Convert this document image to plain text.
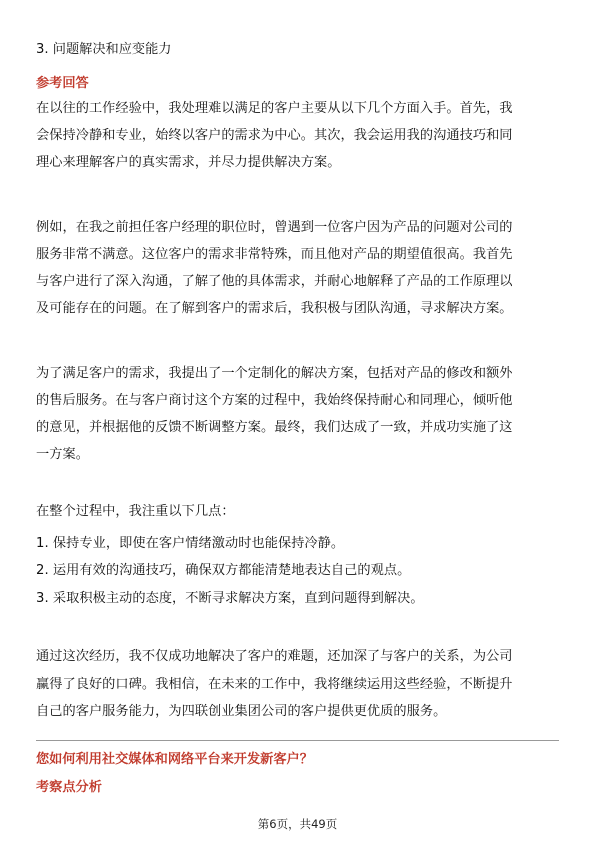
3. 问题解决和应变能力
参考回答
在以往的工作经验中，我处理难以满足的客户主要从以下几个方面入手。首先，我
会保持冷静和专业，始终以客户的需求为中心。其次，我会运用我的沟通技巧和同
理心来理解客户的真实需求，并尽力提供解决方案。
例如，在我之前担任客户经理的职位时，曾遇到一位客户因为产品的问题对公司的
服务非常不满意。这位客户的需求非常特殊，而且他对产品的期望值很高。我首先
与客户进行了深入沟通，了解了他的具体需求，并耐心地解释了产品的工作原理以
及可能存在的问题。在了解到客户的需求后，我积极与团队沟通，寻求解决方案。
为了满足客户的需求，我提出了一个定制化的解决方案，包括对产品的修改和额外
的售后服务。在与客户商讨这个方案的过程中，我始终保持耐心和同理心，倾听他
的意见，并根据他的反馈不断调整方案。最终，我们达成了一致，并成功实施了这
一方案。
在整个过程中，我注重以下几点：
1. 保持专业，即使在客户情绪激动时也能保持冷静。
2. 运用有效的沟通技巧，确保双方都能清楚地表达自己的观点。
3. 采取积极主动的态度，不断寻求解决方案，直到问题得到解决。
通过这次经历，我不仅成功地解决了客户的难题，还加深了与客户的关系，为公司
赢得了良好的口碑。我相信，在未来的工作中，我将继续运用这些经验，不断提升
自己的客户服务能力，为四联创业集团公司的客户提供更优质的服务。
您如何利用社交媒体和网络平台来开发新客户？
考察点分析
第6页，共49页
